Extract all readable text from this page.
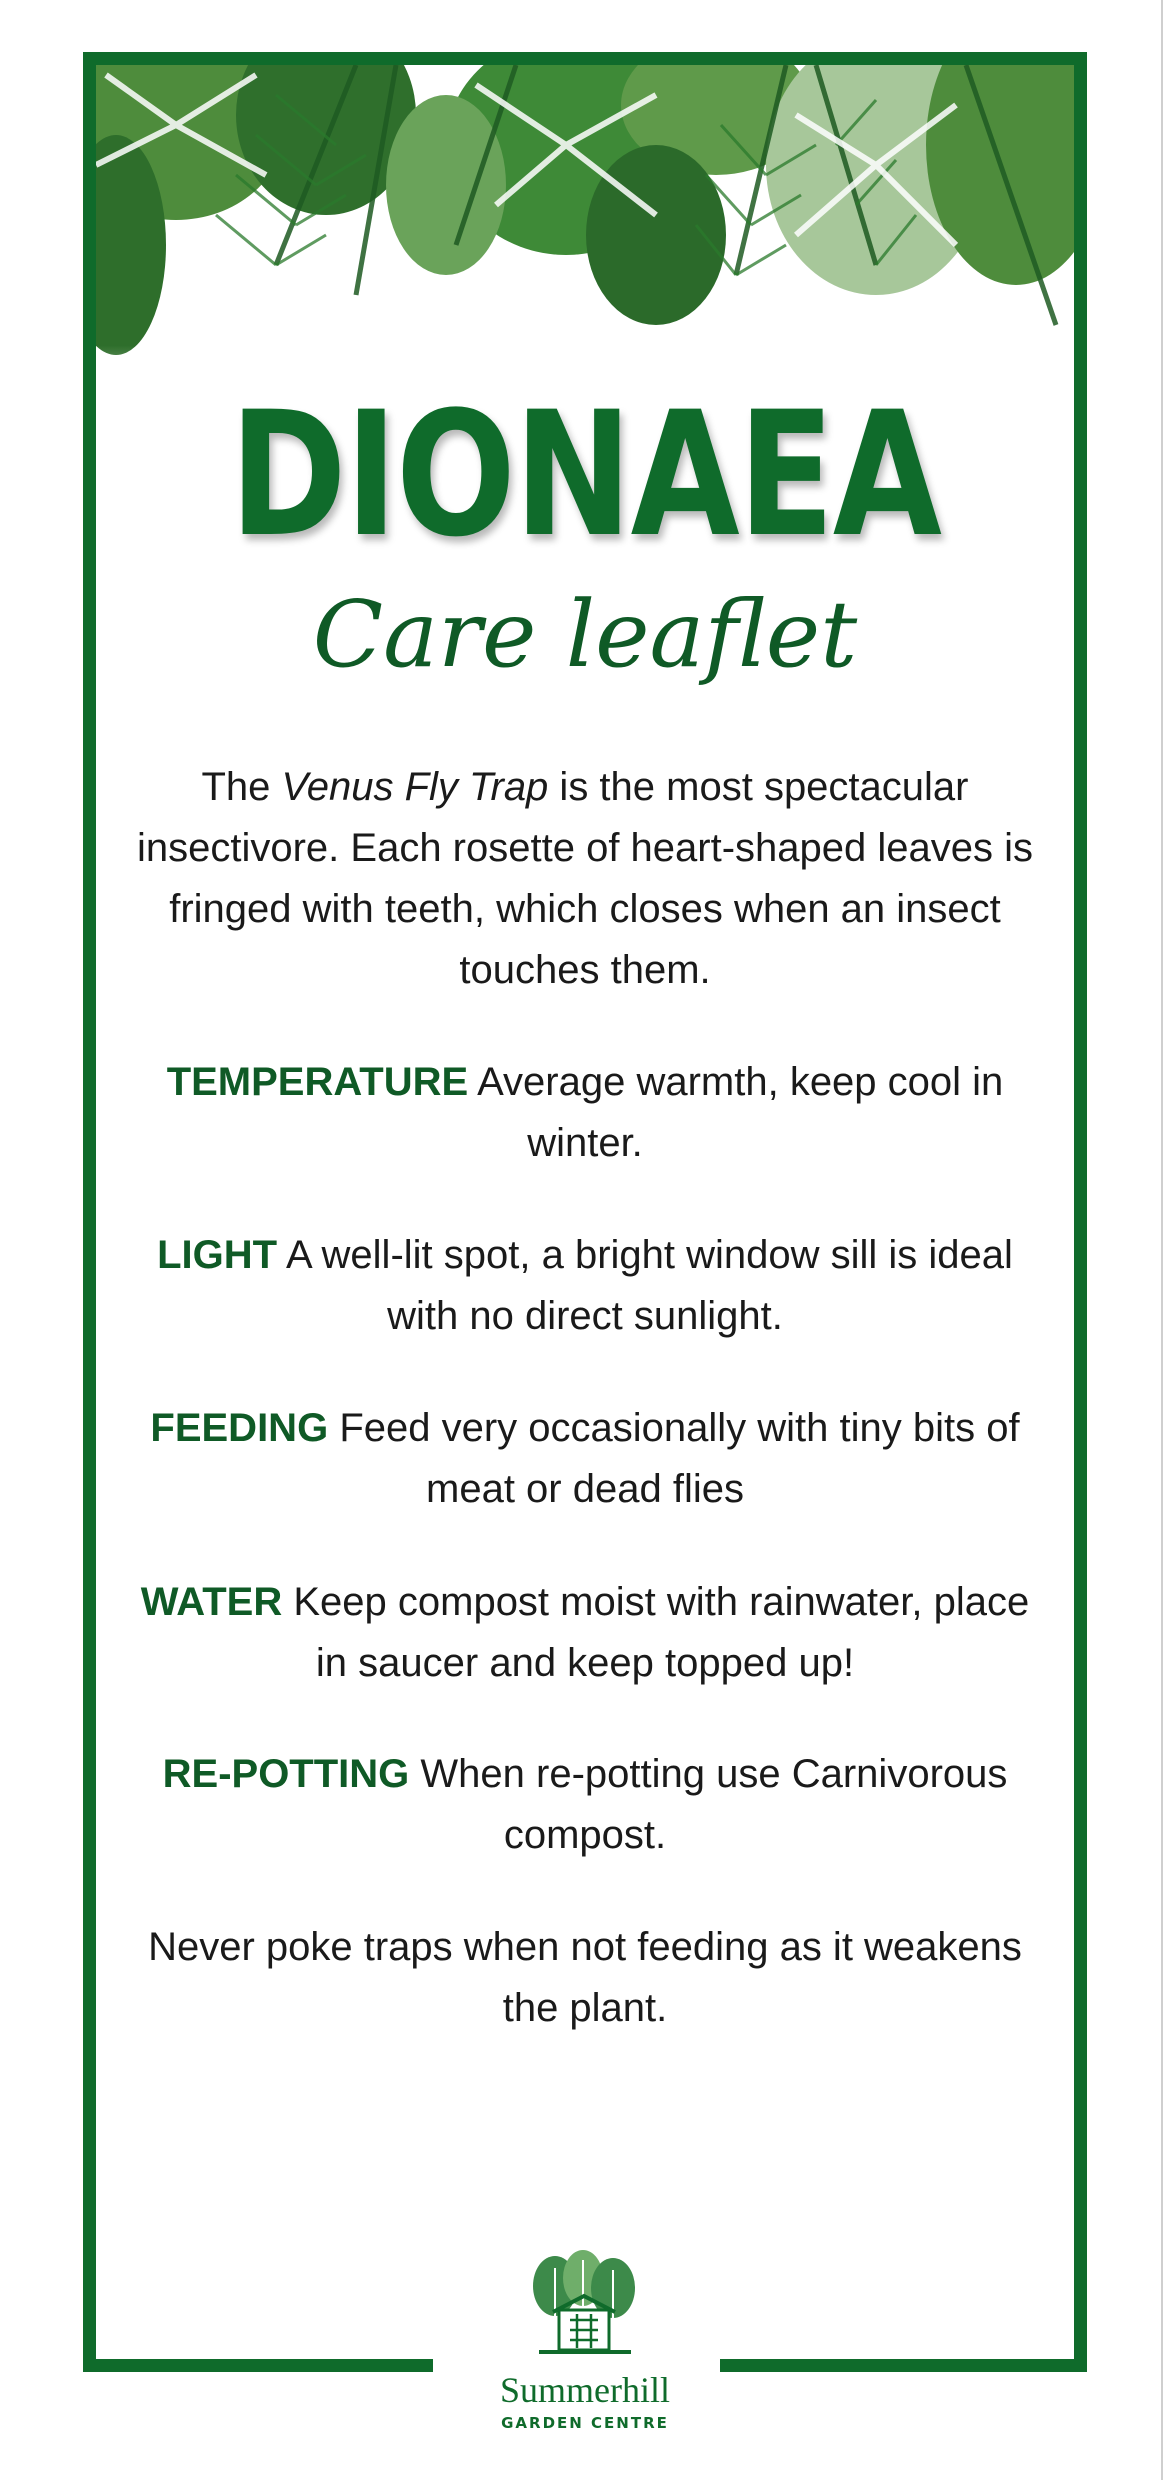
DIONAEA
Care leaflet
The Venus Fly Trap is the most spectacular insectivore. Each rosette of heart-shaped leaves is fringed with teeth, which closes when an insect touches them.
TEMPERATURE Average warmth, keep cool in winter.
LIGHT A well-lit spot, a bright window sill is ideal with no direct sunlight.
FEEDING Feed very occasionally with tiny bits of meat or dead flies
WATER Keep compost moist with rainwater, place in saucer and keep topped up!
RE-POTTING When re-potting use Carnivorous compost.
Never poke traps when not feeding as it weakens the plant.
Summerhill
GARDEN CENTRE
